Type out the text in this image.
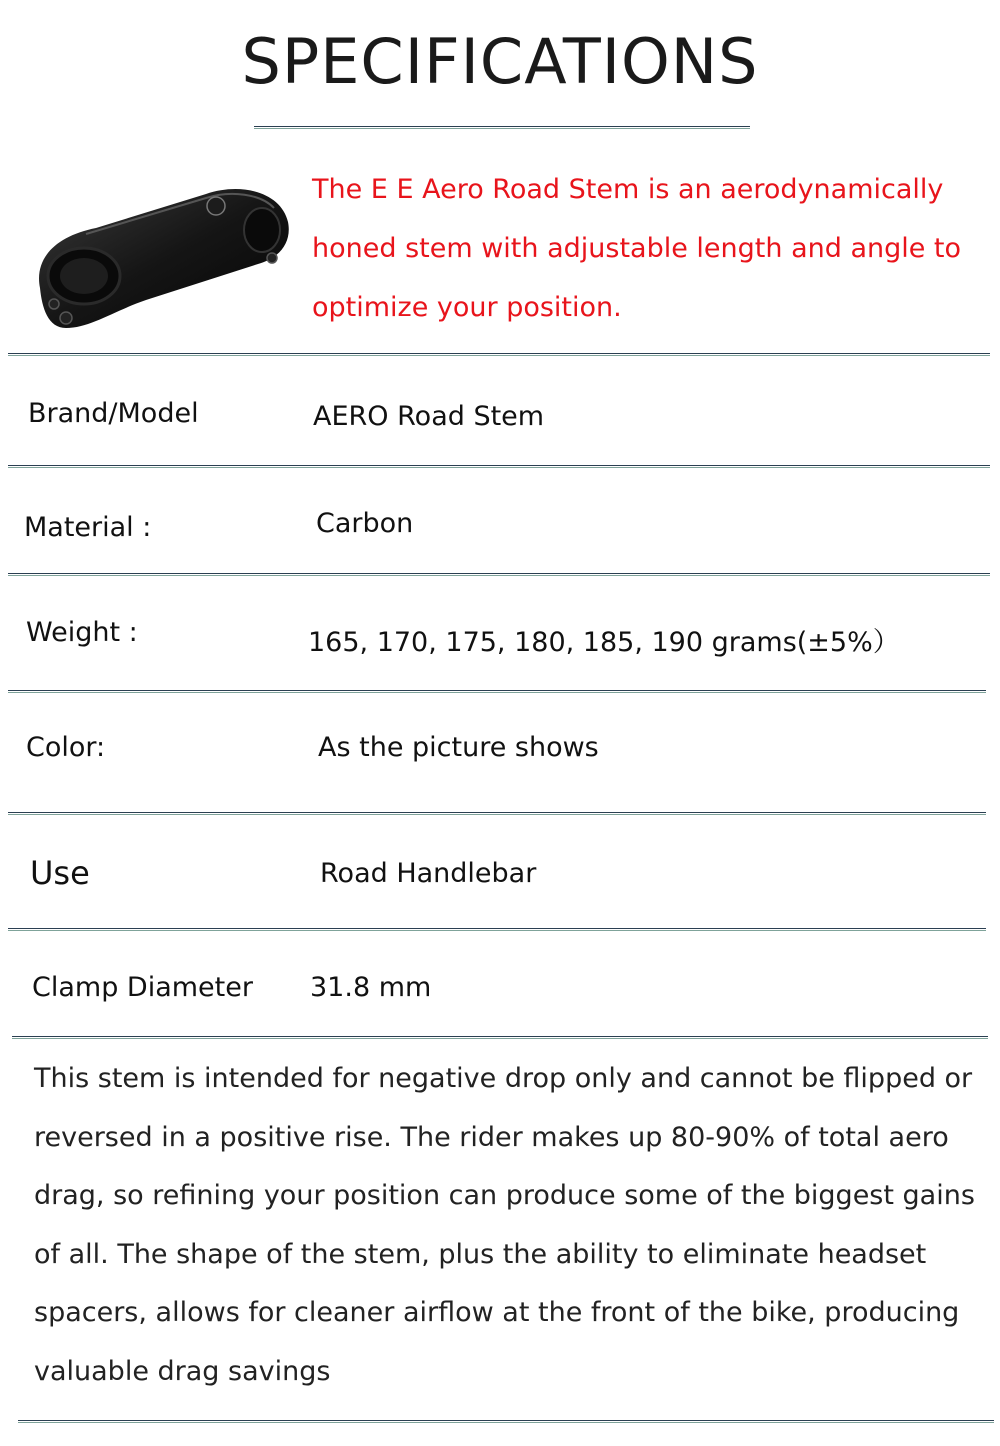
SPECIFICATIONS
The E E Aero Road Stem is an aerodynamically
honed stem with adjustable length and angle to
optimize your position.
Brand/Model	AERO Road Stem
Material :	Carbon
Weight :	165, 170, 175, 180, 185, 190 grams(±5%）
Color:	As the picture shows
Use	Road Handlebar
Clamp Diameter 31.8 mm

This stem is intended for negative drop only and cannot be flipped or

reversed in a positive rise. The rider makes up 80-90% of total aero

drag, so refining your position can produce some of the biggest gains

of all. The shape of the stem, plus the ability to eliminate headset

spacers, allows for cleaner airflow at the front of the bike, producing

valuable drag savings
